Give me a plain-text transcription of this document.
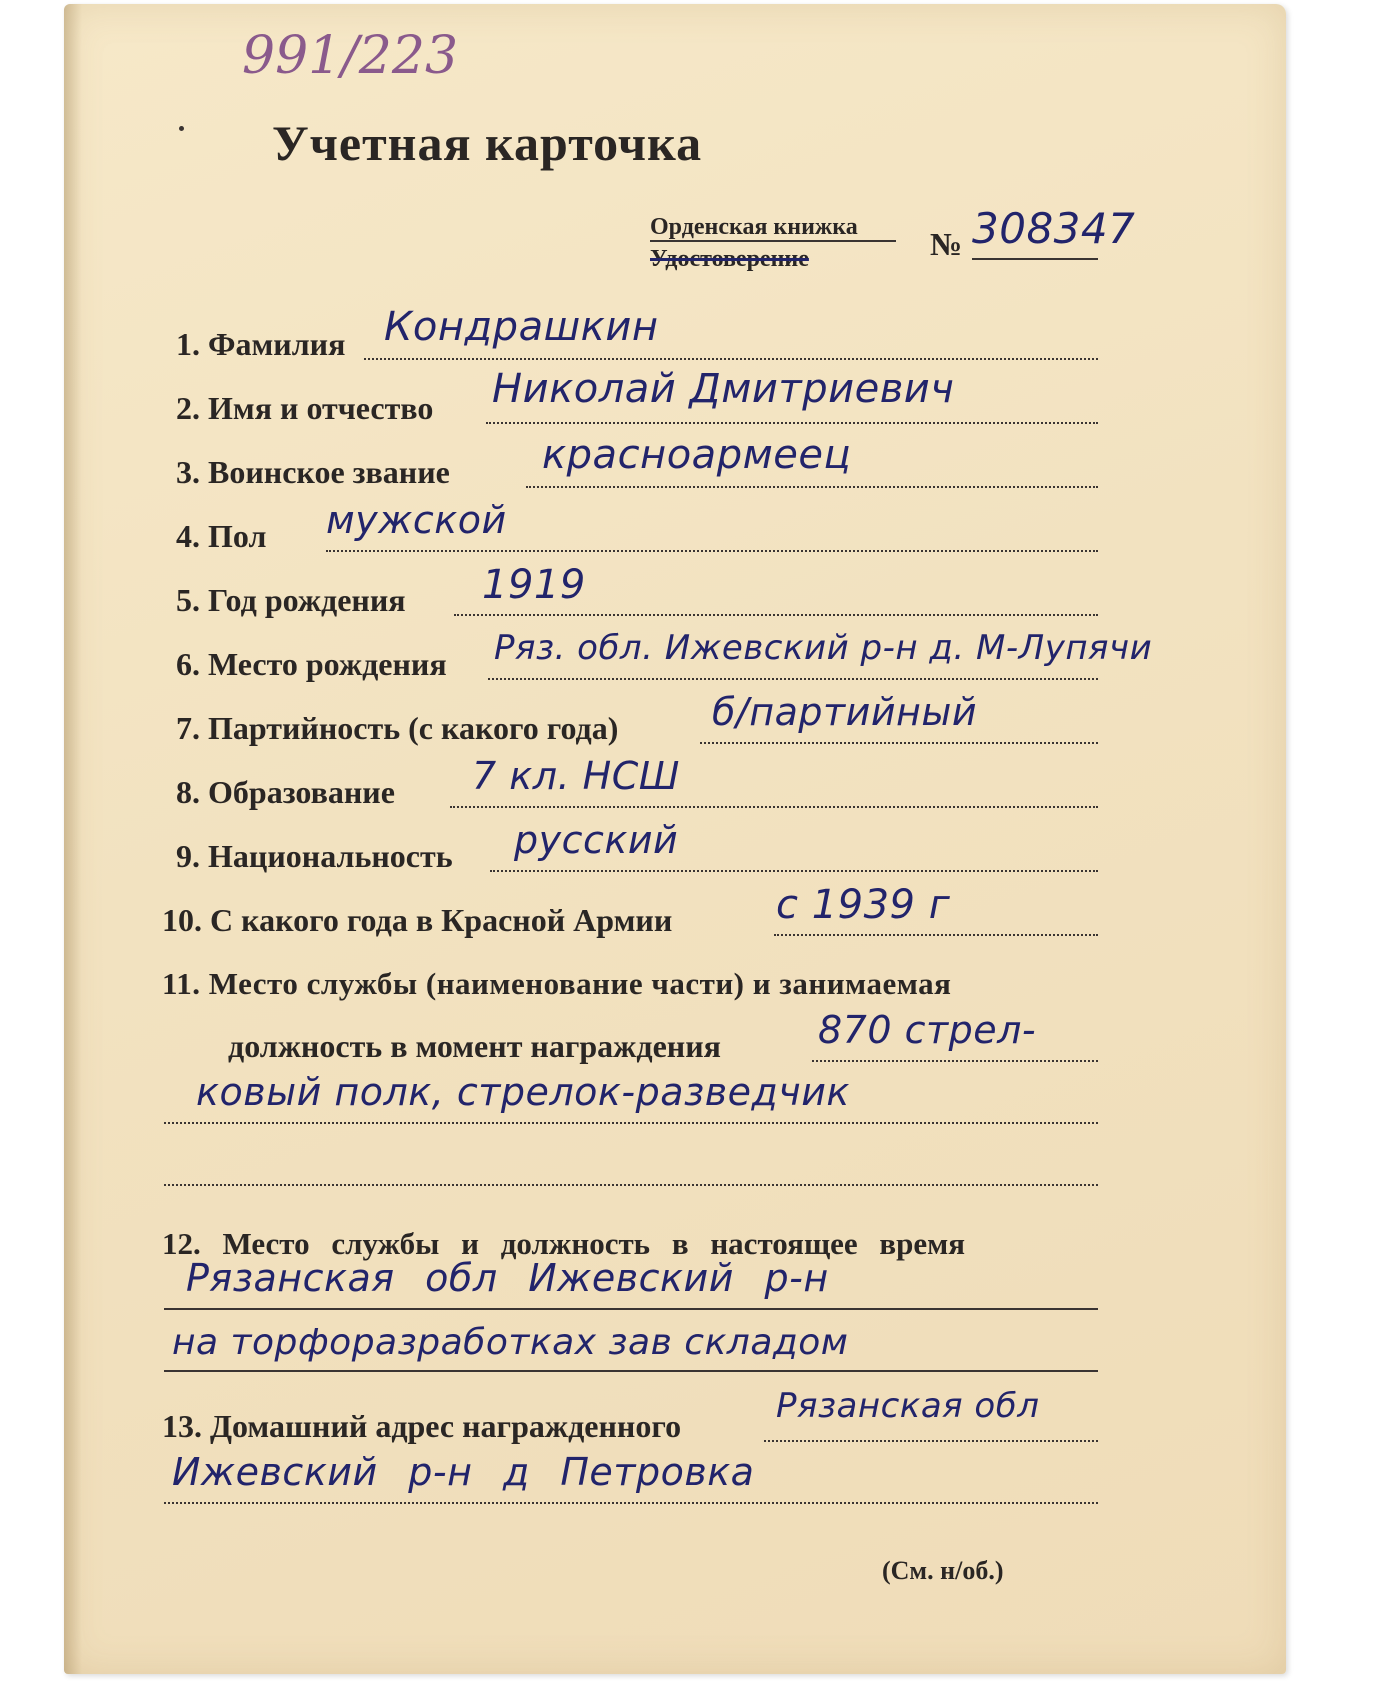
991/223
Учетная карточка
Орденская книжка
Удостоверение	№ 308347
1. Фамилия Кондрашкин
2. Имя и отчество Николай Дмитриевич
3. Воинское звание красноармеец
4. Пол мужской
5. Год рождения 1919
6. Место рождения Ряз. обл. Ижевский р-н д. М-Лупячи
7. Партийность (с какого года) б/партийный
8. Образование 7 кл. НСШ
9. Национальность русский
10. С какого года в Красной Армии	с 1939 г
11. Место службы (наименование части) и занимаемая
должность в момент награждения	870 стрел-
ковый полк, стрелок-разведчик
12. Место службы и должность в настоящее время
Рязанская обл Ижевский р-н
на торфоразработках зав складом
13. Домашний адрес награжденного	Рязанская обл
Ижевский р-н д Петровка
(См. н/об.)
